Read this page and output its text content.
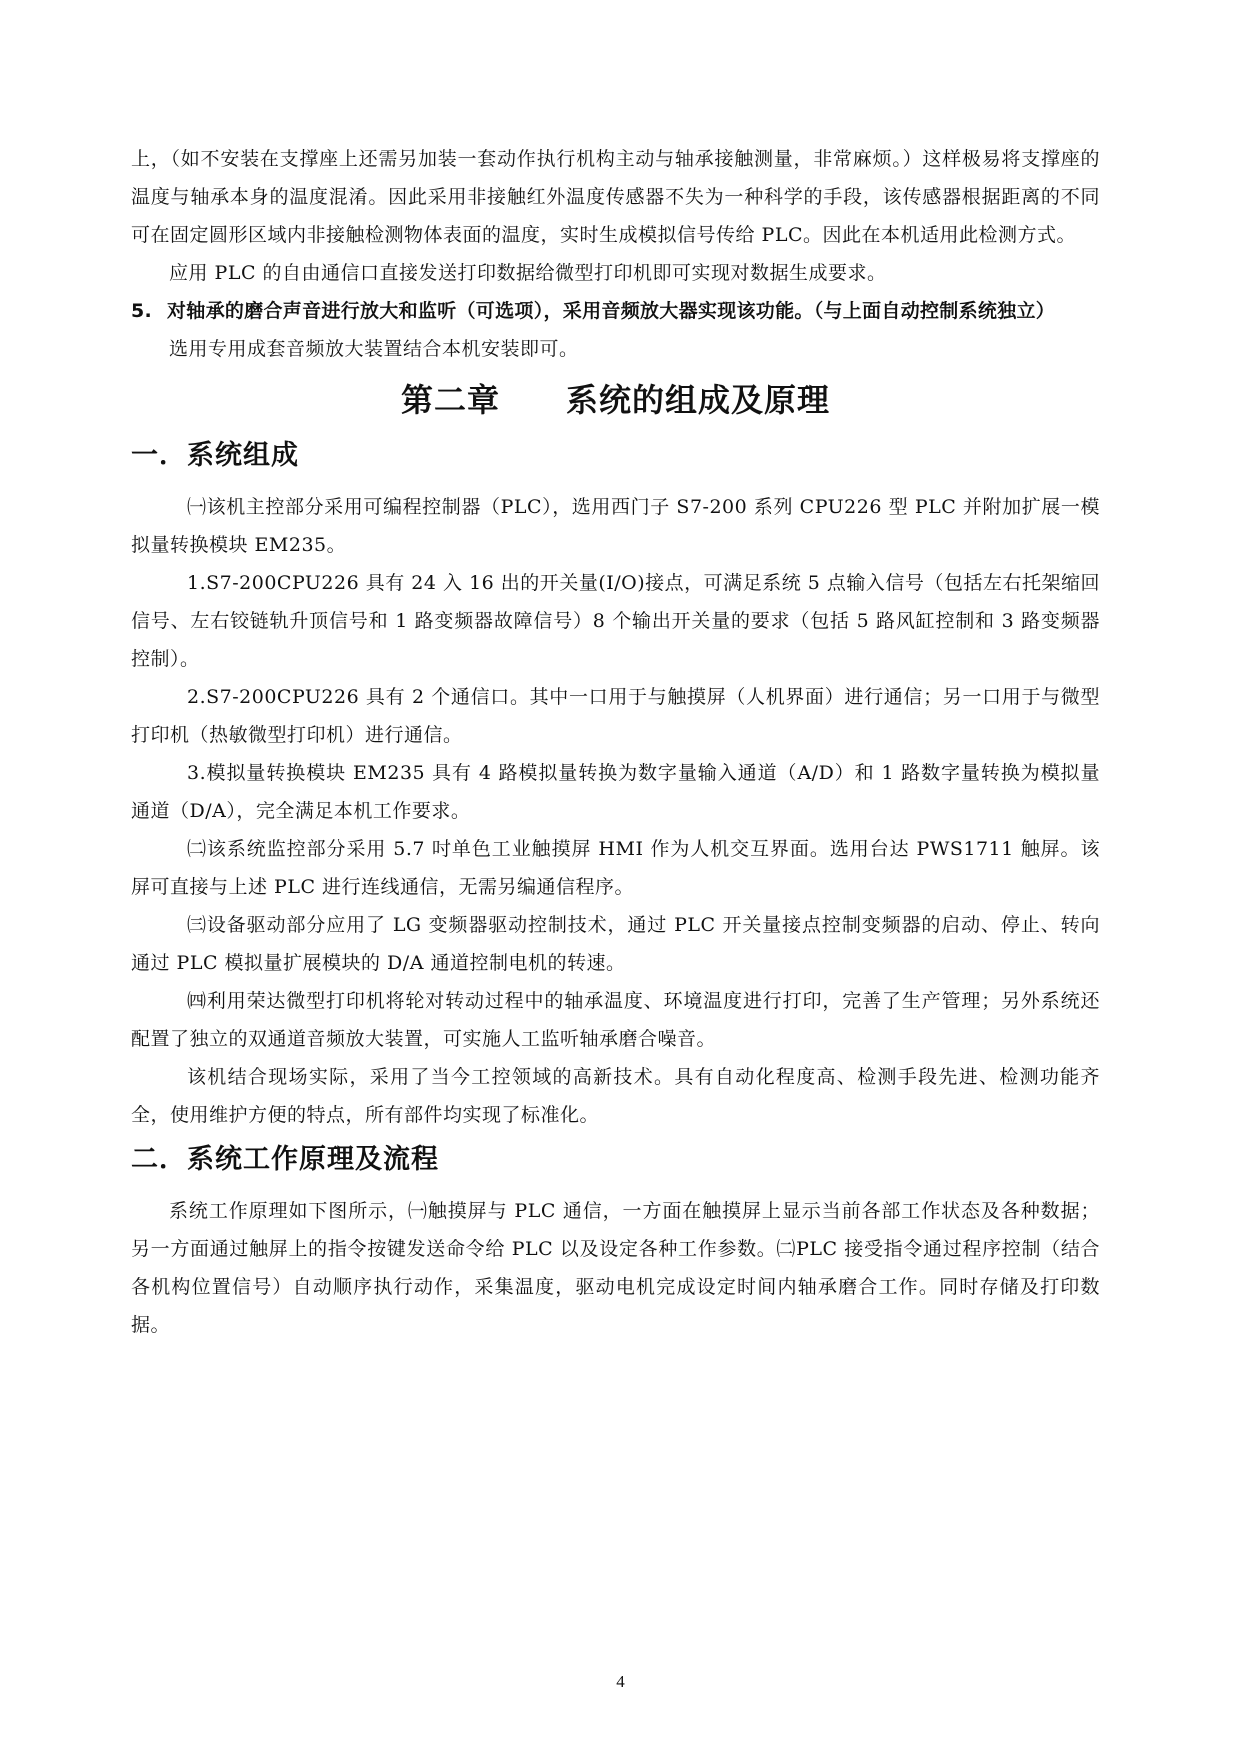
上，（如不安装在支撑座上还需另加装一套动作执行机构主动与轴承接触测量，非常麻烦。）这样极易将支撑座的温度与轴承本身的温度混淆。因此采用非接触红外温度传感器不失为一种科学的手段，该传感器根据距离的不同可在固定圆形区域内非接触检测物体表面的温度，实时生成模拟信号传给 PLC。因此在本机适用此检测方式。

应用 PLC 的自由通信口直接发送打印数据给微型打印机即可实现对数据生成要求。

5. 对轴承的磨合声音进行放大和监听（可选项），采用音频放大器实现该功能。（与上面自动控制系统独立）

选用专用成套音频放大装置结合本机安装即可。

第二章　　系统的组成及原理
一．系统组成

㈠该机主控部分采用可编程控制器（PLC），选用西门子 S7-200 系列 CPU226 型 PLC 并附加扩展一模拟量转换模块 EM235。

1.S7-200CPU226 具有 24 入 16 出的开关量(I/O)接点，可满足系统 5 点输入信号（包括左右托架缩回信号、左右铰链轨升顶信号和 1 路变频器故障信号）8 个输出开关量的要求（包括 5 路风缸控制和 3 路变频器控制）。

2.S7-200CPU226 具有 2 个通信口。其中一口用于与触摸屏（人机界面）进行通信；另一口用于与微型打印机（热敏微型打印机）进行通信。

3.模拟量转换模块 EM235 具有 4 路模拟量转换为数字量输入通道（A/D）和 1 路数字量转换为模拟量通道（D/A），完全满足本机工作要求。

㈡该系统监控部分采用 5.7 吋单色工业触摸屏 HMI 作为人机交互界面。选用台达 PWS1711 触屏。该屏可直接与上述 PLC 进行连线通信，无需另编通信程序。

㈢设备驱动部分应用了 LG 变频器驱动控制技术，通过 PLC 开关量接点控制变频器的启动、停止、转向通过 PLC 模拟量扩展模块的 D/A 通道控制电机的转速。

㈣利用荣达微型打印机将轮对转动过程中的轴承温度、环境温度进行打印，完善了生产管理；另外系统还配置了独立的双通道音频放大装置，可实施人工监听轴承磨合噪音。

该机结合现场实际，采用了当今工控领域的高新技术。具有自动化程度高、检测手段先进、检测功能齐全，使用维护方便的特点，所有部件均实现了标准化。

二．系统工作原理及流程

系统工作原理如下图所示，㈠触摸屏与 PLC 通信，一方面在触摸屏上显示当前各部工作状态及各种数据；另一方面通过触屏上的指令按键发送命令给 PLC 以及设定各种工作参数。㈡PLC 接受指令通过程序控制（结合各机构位置信号）自动顺序执行动作，采集温度，驱动电机完成设定时间内轴承磨合工作。同时存储及打印数据。

4
